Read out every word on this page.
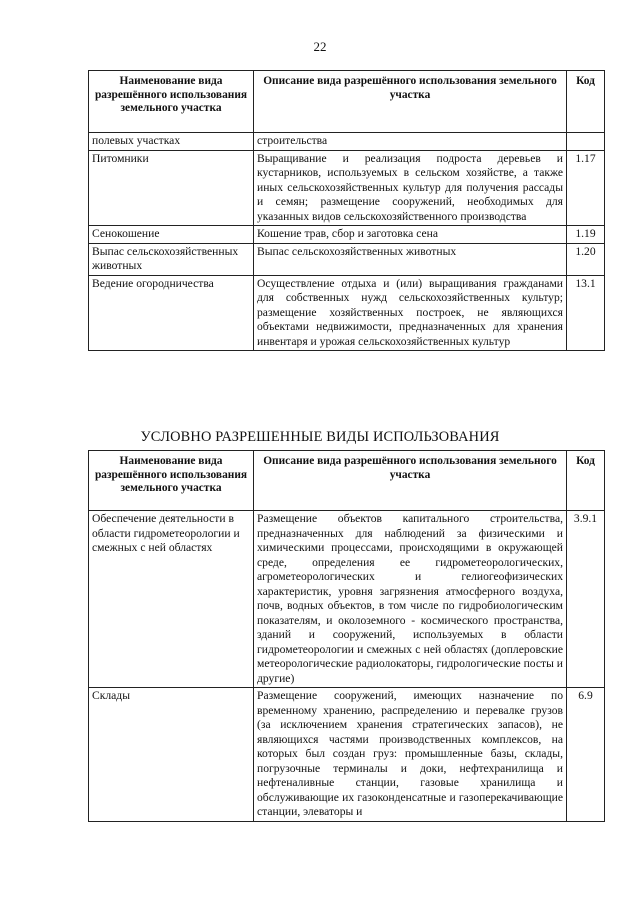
22
Наименование вида разрешённого использования земельного участка	Описание вида разрешённого использования земельного участка	Код
полевых участках	строительства	
Питомники	Выращивание и реализация подроста деревьев и кустарников, используемых в сельском хозяйстве, а также иных сельскохозяйственных культур для получения рассады и семян; размещение сооружений, необходимых для указанных видов сельскохозяйственного производства	1.17
Сенокошение	Кошение трав, сбор и заготовка сена	1.19
Выпас сельскохозяйственных животных	Выпас сельскохозяйственных животных	1.20
Ведение огородничества	Осуществление отдыха и (или) выращивания гражданами для собственных нужд сельскохозяйственных культур; размещение хозяйственных построек, не являющихся объектами недвижимости, предназначенных для хранения инвентаря и урожая сельскохозяйственных культур	13.1
УСЛОВНО РАЗРЕШЕННЫЕ ВИДЫ ИСПОЛЬЗОВАНИЯ
Наименование вида разрешённого использования земельного участка	Описание вида разрешённого использования земельного участка	Код
Обеспечение деятельности в области гидрометеорологии и смежных с ней областях	Размещение объектов капитального строительства, предназначенных для наблюдений за физическими и химическими процессами, происходящими в окружающей среде, определения ее гидрометеорологических, агрометеорологических и гелиогеофизических характеристик, уровня загрязнения атмосферного воздуха, почв, водных объектов, в том числе по гидробиологическим показателям, и околоземного - космического пространства, зданий и сооружений, используемых в области гидрометеорологии и смежных с ней областях (доплеровские метеорологические радиолокаторы, гидрологические посты и другие)	3.9.1
Склады	Размещение сооружений, имеющих назначение по временному хранению, распределению и перевалке грузов (за исключением хранения стратегических запасов), не являющихся частями производственных комплексов, на которых был создан груз: промышленные базы, склады, погрузочные терминалы и доки, нефтехранилища и нефтеналивные станции, газовые хранилища и обслуживающие их газоконденсатные и газоперекачивающие станции, элеваторы и	6.9
